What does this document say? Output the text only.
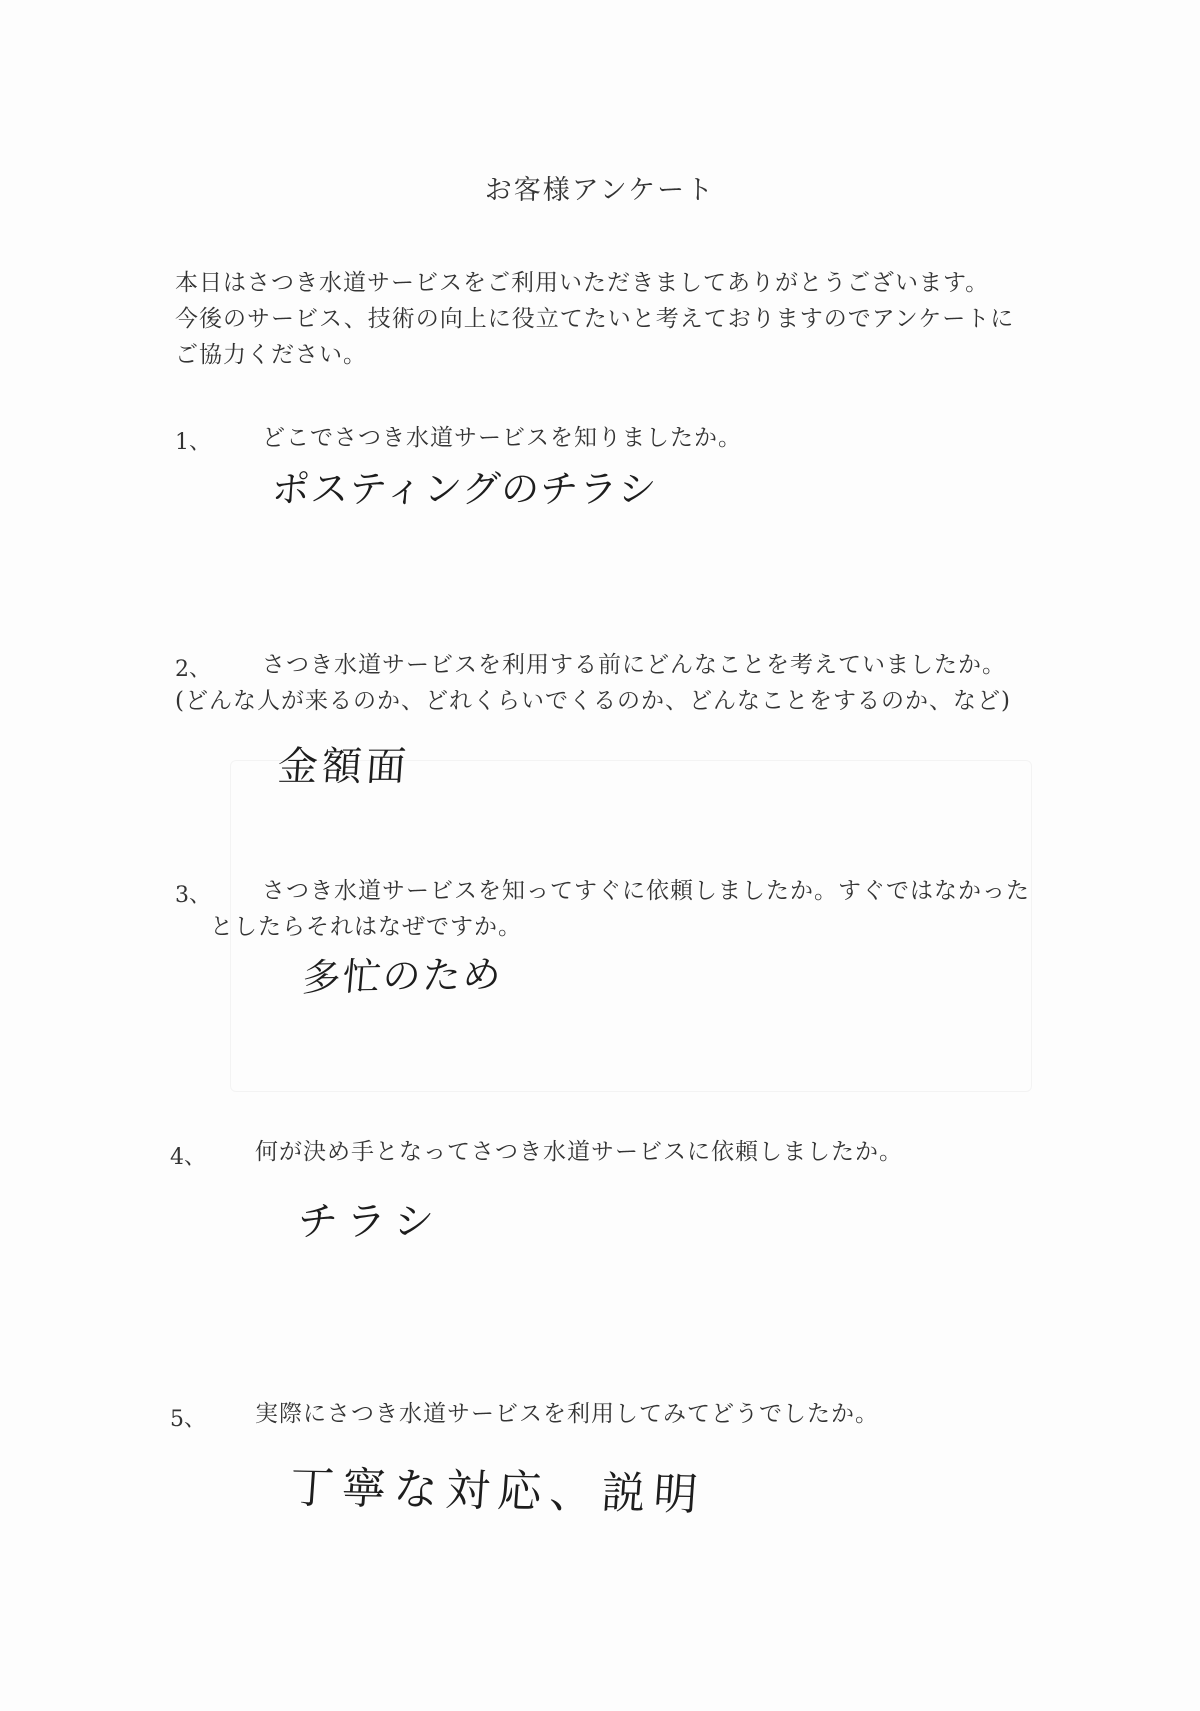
お客様アンケート
本日はさつき水道サービスをご利用いただきましてありがとうございます。
今後のサービス、技術の向上に役立てたいと考えておりますのでアンケートに
ご協力ください。
1、 どこでさつき水道サービスを知りましたか。
ポスティングのチラシ
2、 さつき水道サービスを利用する前にどんなことを考えていましたか。
(どんな人が来るのか、どれくらいでくるのか、どんなことをするのか、など)
金額面
3、 さつき水道サービスを知ってすぐに依頼しましたか。すぐではなかった
としたらそれはなぜですか。
多忙のため
4、 何が決め手となってさつき水道サービスに依頼しましたか。
チラシ
5、 実際にさつき水道サービスを利用してみてどうでしたか。
丁寧な対応、説明
